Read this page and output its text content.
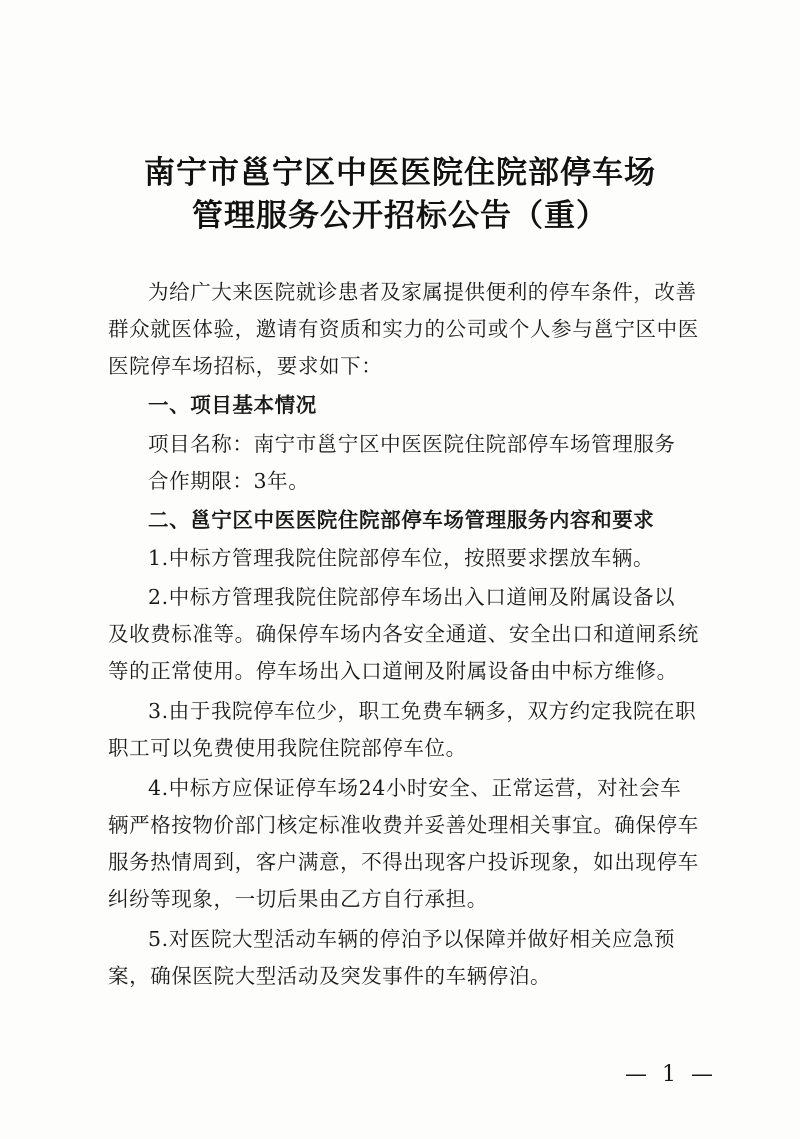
南宁市邕宁区中医医院住院部停车场
管理服务公开招标公告（重）
为给广大来医院就诊患者及家属提供便利的停车条件，改善
群众就医体验，邀请有资质和实力的公司或个人参与邕宁区中医
医院停车场招标，要求如下：
一、项目基本情况
项目名称：南宁市邕宁区中医医院住院部停车场管理服务
合作期限：3年。
二、邕宁区中医医院住院部停车场管理服务内容和要求
1.中标方管理我院住院部停车位，按照要求摆放车辆。
2.中标方管理我院住院部停车场出入口道闸及附属设备以
及收费标准等。确保停车场内各安全通道、安全出口和道闸系统
等的正常使用。停车场出入口道闸及附属设备由中标方维修。
3.由于我院停车位少，职工免费车辆多，双方约定我院在职
职工可以免费使用我院住院部停车位。
4.中标方应保证停车场24小时安全、正常运营，对社会车
辆严格按物价部门核定标准收费并妥善处理相关事宜。确保停车
服务热情周到，客户满意，不得出现客户投诉现象，如出现停车
纠纷等现象，一切后果由乙方自行承担。
5.对医院大型活动车辆的停泊予以保障并做好相关应急预
案，确保医院大型活动及突发事件的车辆停泊。
— 1 —
